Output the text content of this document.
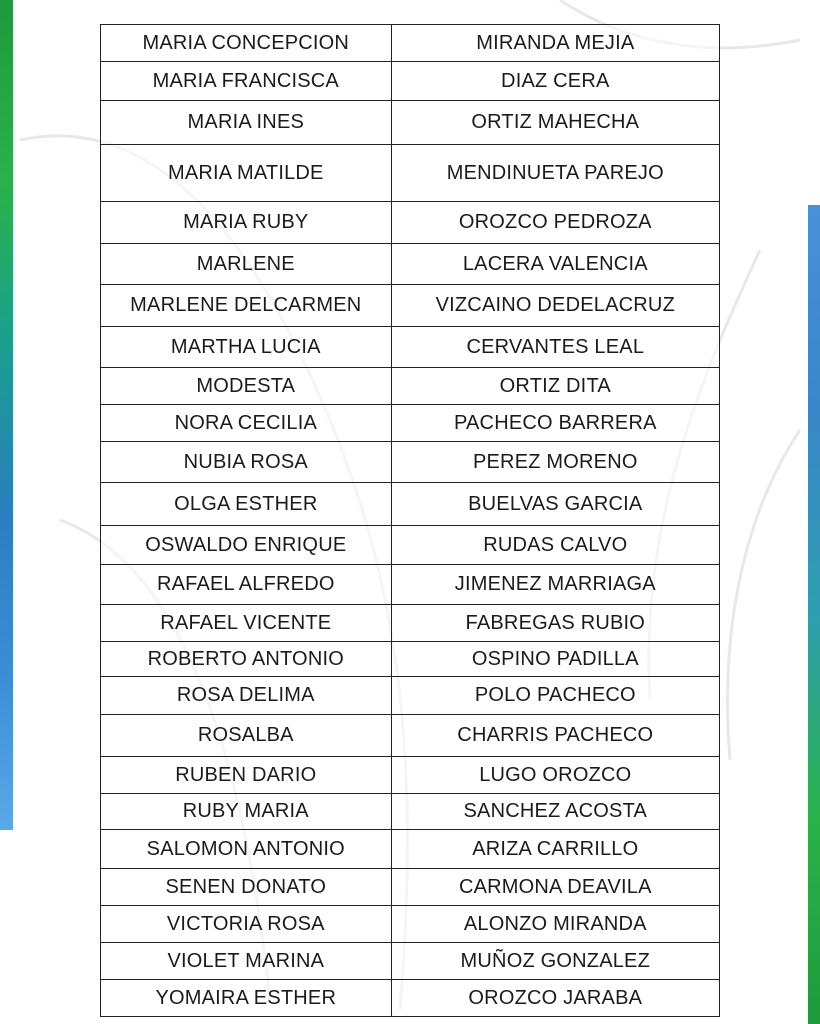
MARIA CONCEPCION	MIRANDA MEJIA
MARIA FRANCISCA	DIAZ CERA
MARIA INES	ORTIZ MAHECHA
MARIA MATILDE	MENDINUETA PAREJO
MARIA RUBY	OROZCO PEDROZA
MARLENE	LACERA VALENCIA
MARLENE DELCARMEN	VIZCAINO DEDELACRUZ
MARTHA LUCIA	CERVANTES LEAL
MODESTA	ORTIZ DITA
NORA CECILIA	PACHECO BARRERA
NUBIA ROSA	PEREZ MORENO
OLGA ESTHER	BUELVAS GARCIA
OSWALDO ENRIQUE	RUDAS CALVO
RAFAEL ALFREDO	JIMENEZ MARRIAGA
RAFAEL VICENTE	FABREGAS RUBIO
ROBERTO ANTONIO	OSPINO PADILLA
ROSA DELIMA	POLO PACHECO
ROSALBA	CHARRIS PACHECO
RUBEN DARIO	LUGO OROZCO
RUBY MARIA	SANCHEZ ACOSTA
SALOMON ANTONIO	ARIZA CARRILLO
SENEN DONATO	CARMONA DEAVILA
VICTORIA ROSA	ALONZO MIRANDA
VIOLET MARINA	MUÑOZ GONZALEZ
YOMAIRA ESTHER	OROZCO JARABA
